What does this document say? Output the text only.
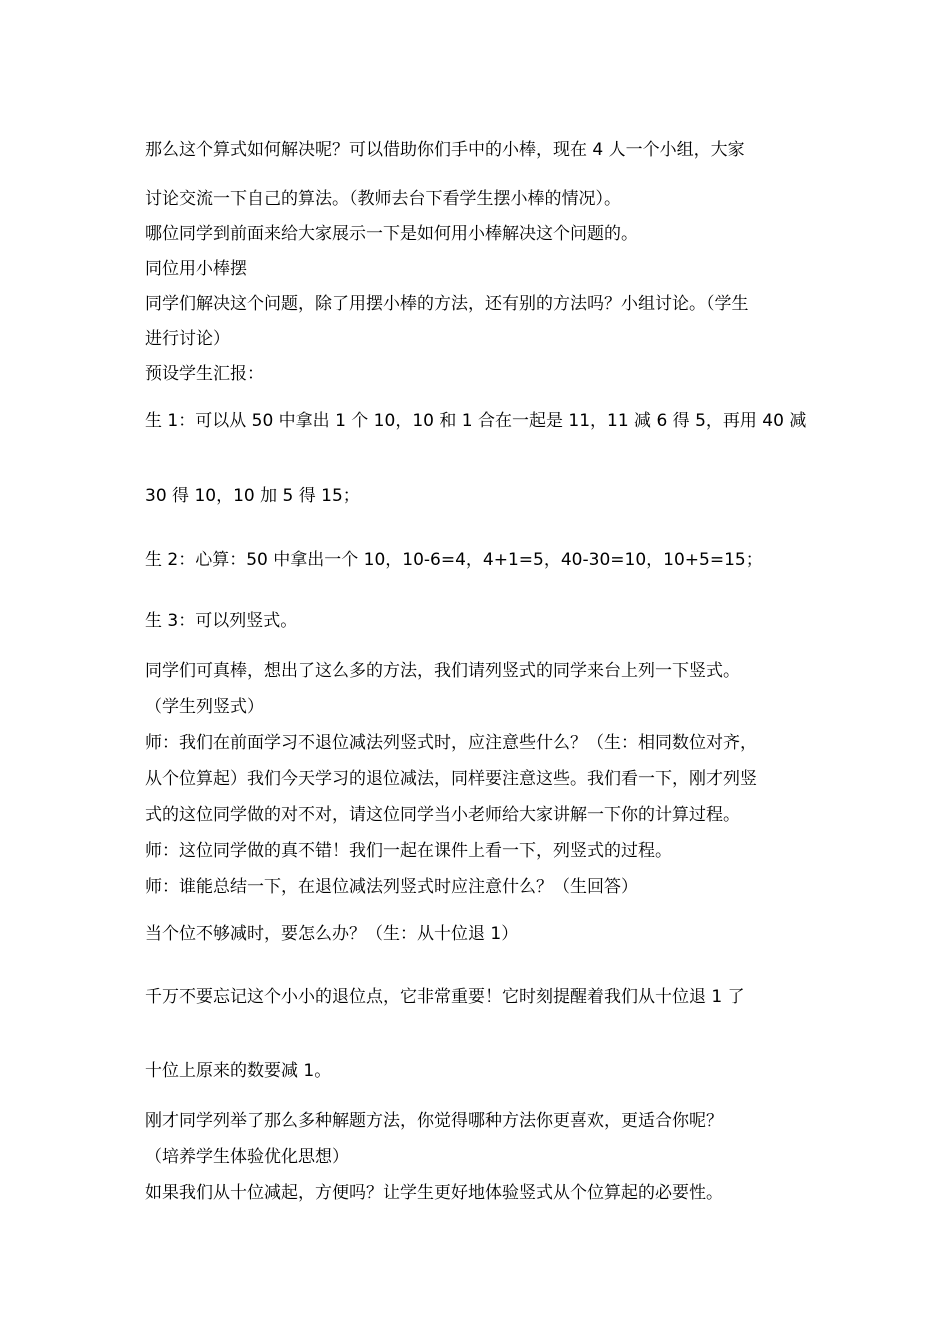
那么这个算式如何解决呢？可以借助你们手中的小棒，现在 4 人一个小组，大家
讨论交流一下自己的算法。（教师去台下看学生摆小棒的情况）。
哪位同学到前面来给大家展示一下是如何用小棒解决这个问题的。
同位用小棒摆
同学们解决这个问题，除了用摆小棒的方法，还有别的方法吗？小组讨论。（学生
进行讨论）
预设学生汇报：
生 1：可以从 50 中拿出 1 个 10，10 和 1 合在一起是 11，11 减 6 得 5，再用 40 减
30 得 10，10 加 5 得 15；
生 2：心算：50 中拿出一个 10，10-6=4，4+1=5，40-30=10，10+5=15；
生 3：可以列竖式。
同学们可真棒，想出了这么多的方法，我们请列竖式的同学来台上列一下竖式。
（学生列竖式）
师：我们在前面学习不退位减法列竖式时，应注意些什么？（生：相同数位对齐，
从个位算起）我们今天学习的退位减法，同样要注意这些。我们看一下，刚才列竖
式的这位同学做的对不对，请这位同学当小老师给大家讲解一下你的计算过程。
师：这位同学做的真不错！我们一起在课件上看一下，列竖式的过程。
师：谁能总结一下，在退位减法列竖式时应注意什么？（生回答）
当个位不够减时，要怎么办？（生：从十位退 1）
千万不要忘记这个小小的退位点，它非常重要！它时刻提醒着我们从十位退 1 了
十位上原来的数要减 1。
刚才同学列举了那么多种解题方法，你觉得哪种方法你更喜欢，更适合你呢？
（培养学生体验优化思想）
如果我们从十位减起，方便吗？让学生更好地体验竖式从个位算起的必要性。
